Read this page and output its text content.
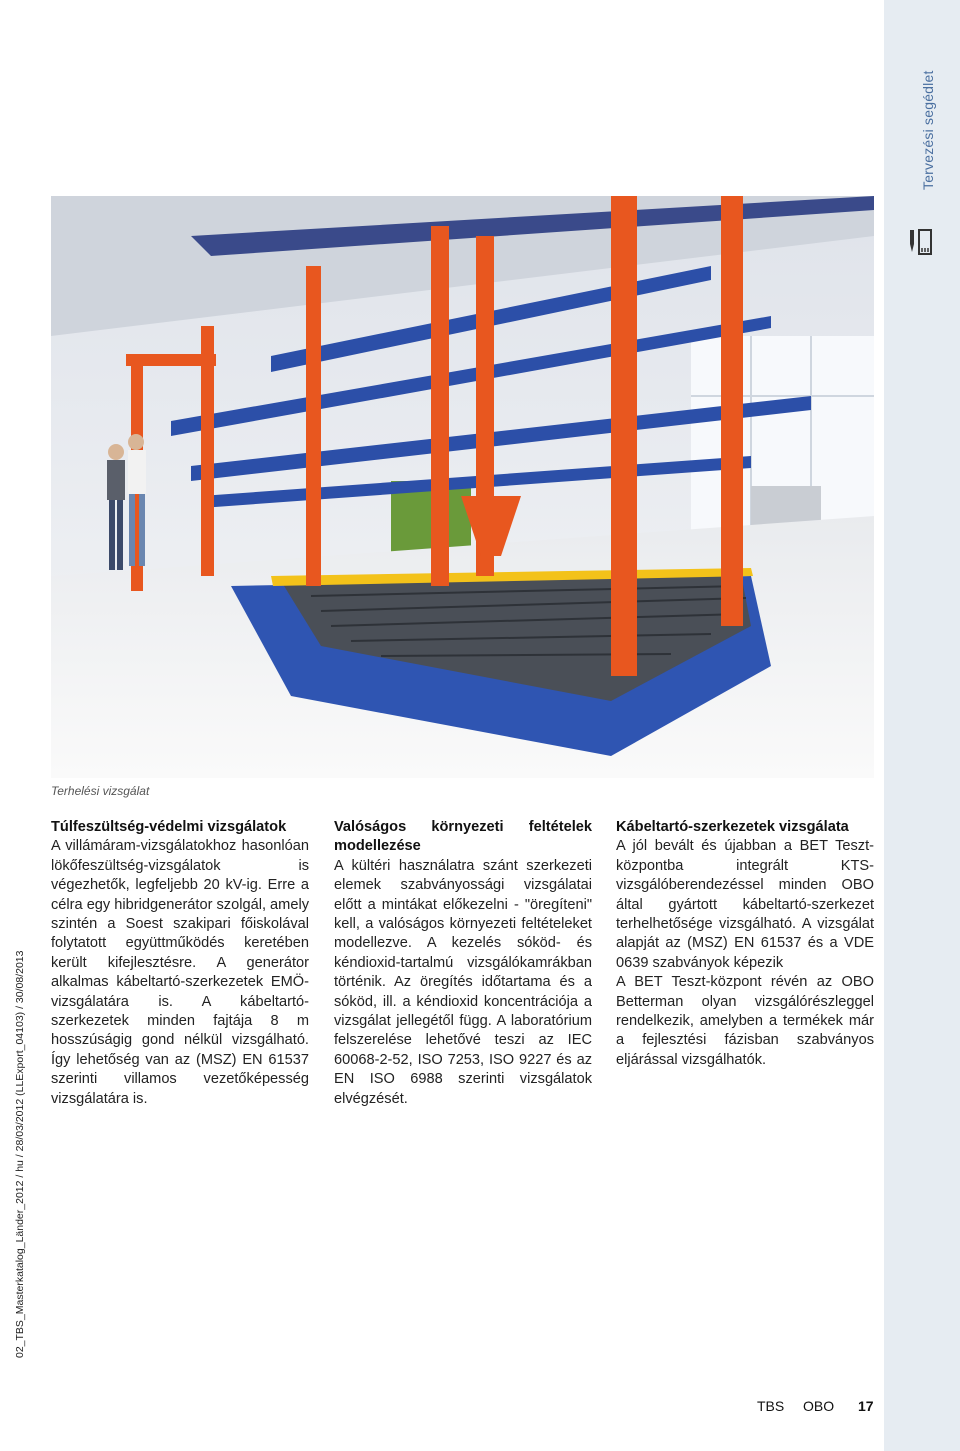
Tervezési segédlet
02_TBS_Masterkatalog_Länder_2012 / hu / 28/03/2012 (LLExport_04103) / 30/08/2013
Terhelési vizsgálat
Túlfeszültség-védelmi vizsgálatok

A villámáram-vizsgálatokhoz hasonlóan lökőfeszültség-vizsgálatok is végezhetők, legfeljebb 20 kV-ig. Erre a célra egy hibridgenerátor szolgál, amely szintén a Soest szakipari főiskolával folytatott együttműködés keretében került kifejlesztésre. A generátor alkalmas kábeltartó-szerkezetek EMÖ-vizsgálatára is. A kábeltartó-szerkezetek minden fajtája 8 m hosszúságig gond nélkül vizsgálható. Így lehetőség van az (MSZ) EN 61537 szerinti villamos vezetőképesség vizsgálatára is.

Valóságos környezeti feltételek modellezése

A kültéri használatra szánt szerkezeti elemek szabványossági vizsgálatai előtt a mintákat előkezelni - "öregíteni" kell, a valóságos környezeti feltételeket modellezve. A kezelés sóköd- és kéndioxid-tartalmú vizsgálókamrákban történik. Az öregítés időtartama és a sóköd, ill. a kéndioxid koncentrációja a vizsgálat jellegétől függ. A laboratórium felszerelése lehetővé teszi az IEC 60068-2-52, ISO 7253, ISO 9227 és az EN ISO 6988 szerinti vizsgálatok elvégzését.

Kábeltartó-szerkezetek vizsgálata

A jól bevált és újabban a BET Teszt-központba integrált KTS-vizsgálóberendezéssel minden OBO által gyártott kábeltartó-szerkezet terhelhetősége vizsgálható. A vizsgálat alapját az (MSZ) EN 61537 és a VDE 0639 szabványok képezik

A BET Teszt-központ révén az OBO Betterman olyan vizsgálórészleggel rendelkezik, amelyben a termékek már a fejlesztési fázisban szabványos eljárással vizsgálhatók.

TBS OBO 17
